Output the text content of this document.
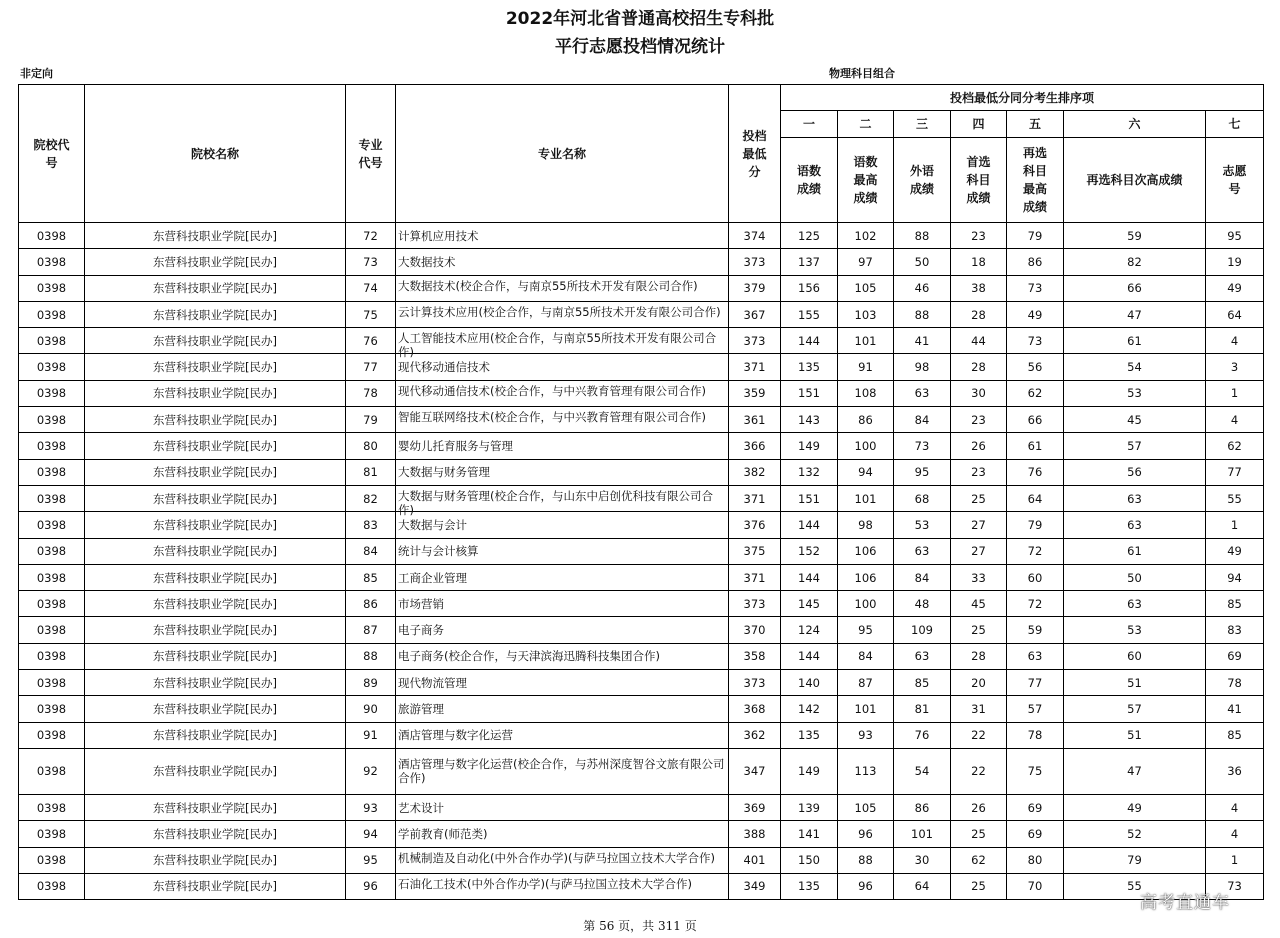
2022年河北省普通高校招生专科批
平行志愿投档情况统计
非定向	物理科目组合
院校代号	院校名称	专业代号	专业名称	投档最低分	投档最低分同分考生排序项						
					一	二	三	四	五	六	七
					语数成绩	语数最高成绩	外语成绩	首选科目成绩	再选科目最高成绩	再选科目次高成绩	志愿号
0398	东营科技职业学院[民办]	72	计算机应用技术	374	125	102	88	23	79	59	95
0398	东营科技职业学院[民办]	73	大数据技术	373	137	97	50	18	86	82	19
0398	东营科技职业学院[民办]	74	大数据技术(校企合作，与南京55所技术开发有限公司合作)	379	156	105	46	38	73	66	49
0398	东营科技职业学院[民办]	75	云计算技术应用(校企合作，与南京55所技术开发有限公司合作)	367	155	103	88	28	49	47	64
0398	东营科技职业学院[民办]	76	人工智能技术应用(校企合作，与南京55所技术开发有限公司合作)	373	144	101	41	44	73	61	4
0398	东营科技职业学院[民办]	77	现代移动通信技术	371	135	91	98	28	56	54	3
0398	东营科技职业学院[民办]	78	现代移动通信技术(校企合作，与中兴教育管理有限公司合作)	359	151	108	63	30	62	53	1
0398	东营科技职业学院[民办]	79	智能互联网络技术(校企合作，与中兴教育管理有限公司合作)	361	143	86	84	23	66	45	4
0398	东营科技职业学院[民办]	80	婴幼儿托育服务与管理	366	149	100	73	26	61	57	62
0398	东营科技职业学院[民办]	81	大数据与财务管理	382	132	94	95	23	76	56	77
0398	东营科技职业学院[民办]	82	大数据与财务管理(校企合作，与山东中启创优科技有限公司合作)	371	151	101	68	25	64	63	55
0398	东营科技职业学院[民办]	83	大数据与会计	376	144	98	53	27	79	63	1
0398	东营科技职业学院[民办]	84	统计与会计核算	375	152	106	63	27	72	61	49
0398	东营科技职业学院[民办]	85	工商企业管理	371	144	106	84	33	60	50	94
0398	东营科技职业学院[民办]	86	市场营销	373	145	100	48	45	72	63	85
0398	东营科技职业学院[民办]	87	电子商务	370	124	95	109	25	59	53	83
0398	东营科技职业学院[民办]	88	电子商务(校企合作，与天津滨海迅腾科技集团合作)	358	144	84	63	28	63	60	69
0398	东营科技职业学院[民办]	89	现代物流管理	373	140	87	85	20	77	51	78
0398	东营科技职业学院[民办]	90	旅游管理	368	142	101	81	31	57	57	41
0398	东营科技职业学院[民办]	91	酒店管理与数字化运营	362	135	93	76	22	78	51	85
0398	东营科技职业学院[民办]	92	酒店管理与数字化运营(校企合作，与苏州深度智谷文旅有限公司合作)	347	149	113	54	22	75	47	36
0398	东营科技职业学院[民办]	93	艺术设计	369	139	105	86	26	69	49	4
0398	东营科技职业学院[民办]	94	学前教育(师范类)	388	141	96	101	25	69	52	4
0398	东营科技职业学院[民办]	95	机械制造及自动化(中外合作办学)(与萨马拉国立技术大学合作)	401	150	88	30	62	80	79	1
0398	东营科技职业学院[民办]	96	石油化工技术(中外合作办学)(与萨马拉国立技术大学合作)	349	135	96	64	25	70	55	73
第 56 页，共 311 页
高考直通车
